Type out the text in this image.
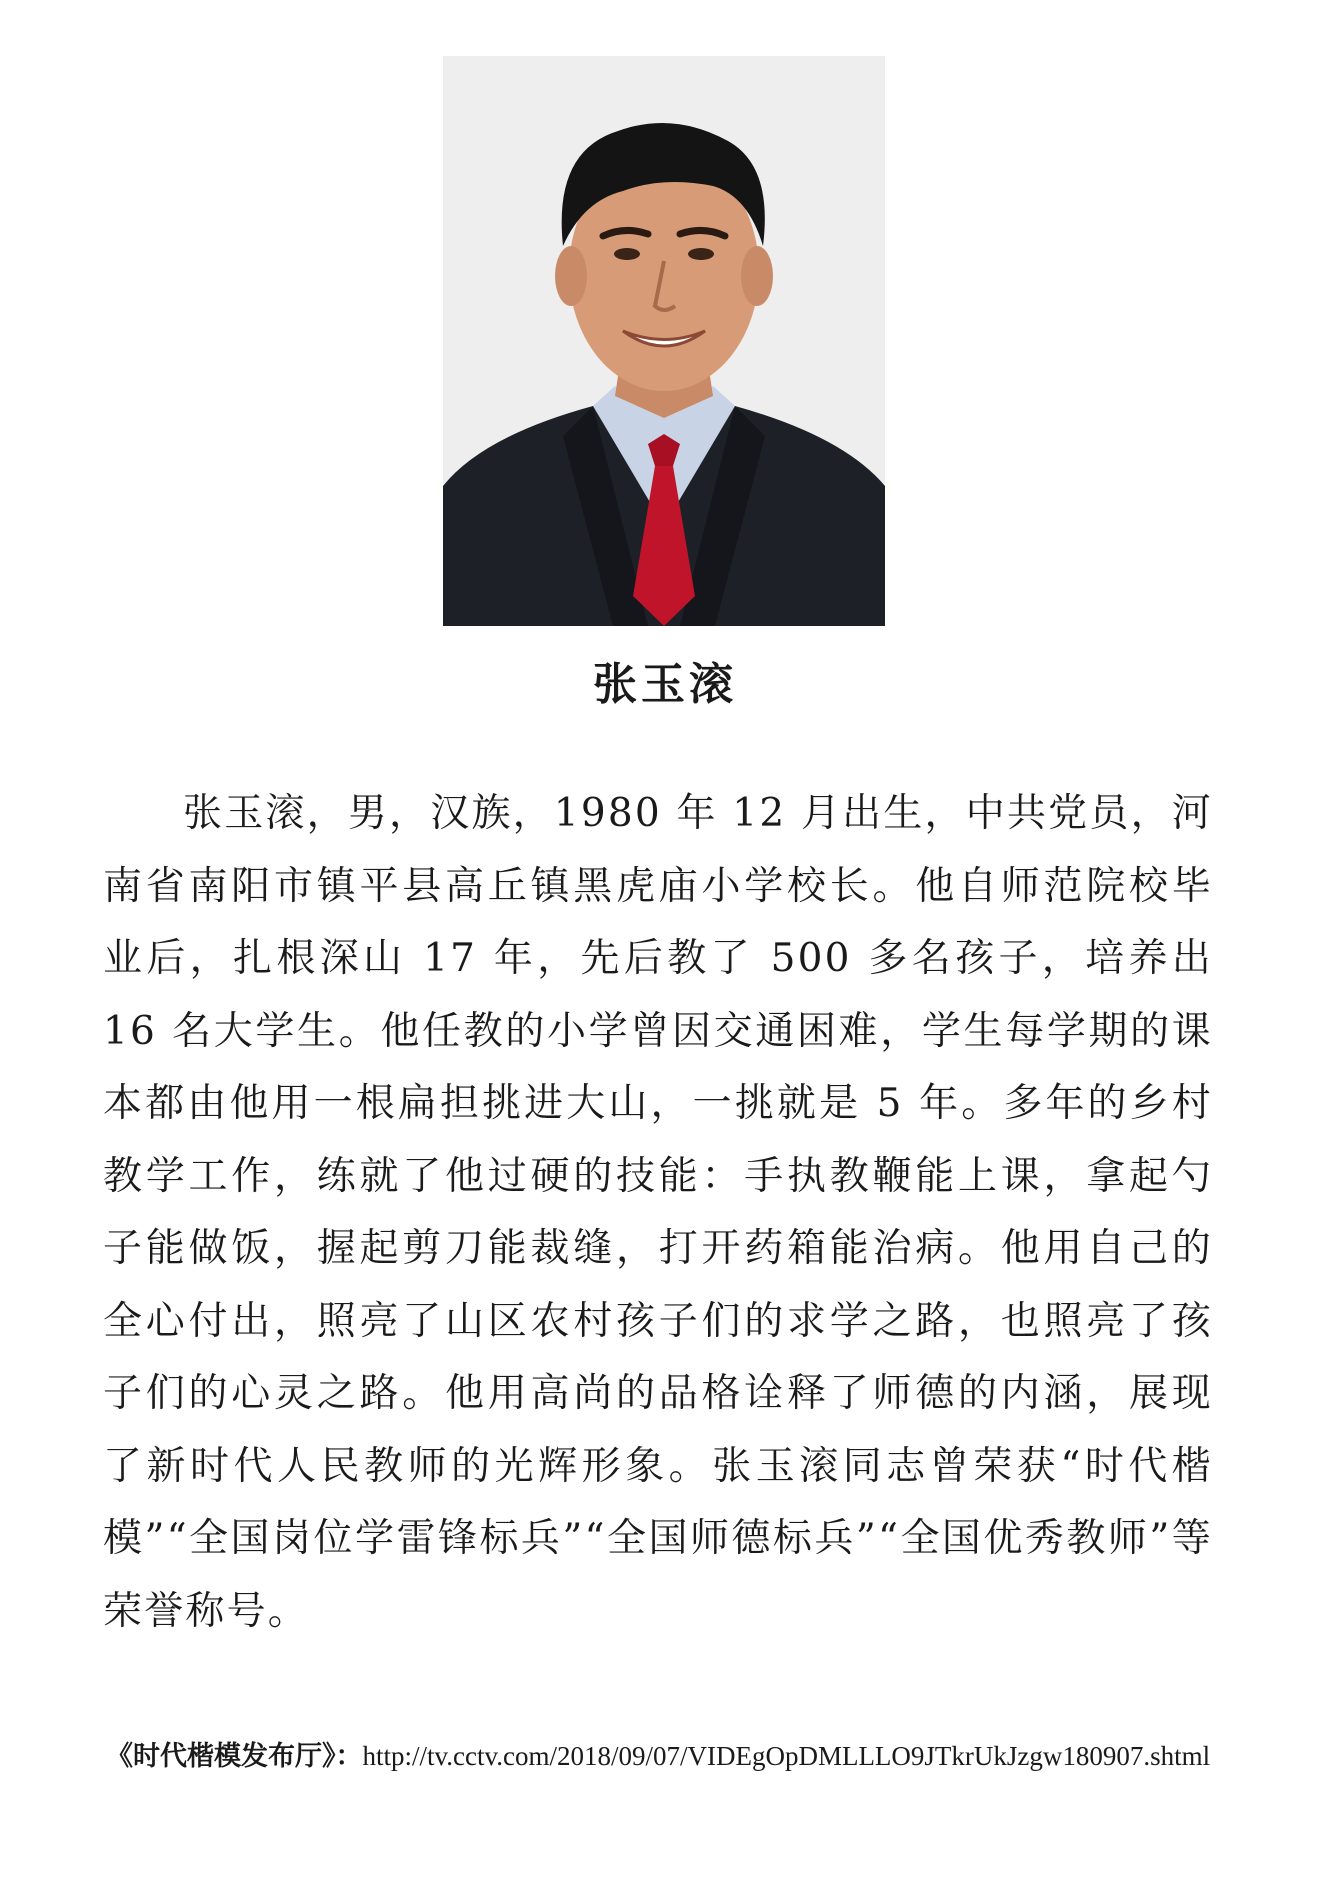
张玉滚

张玉滚，男，汉族，1980 年 12 月出生，中共党员，河南省南阳市镇平县高丘镇黑虎庙小学校长。他自师范院校毕业后，扎根深山 17 年，先后教了 500 多名孩子，培养出 16 名大学生。他任教的小学曾因交通困难，学生每学期的课本都由他用一根扁担挑进大山，一挑就是 5 年。多年的乡村教学工作，练就了他过硬的技能：手执教鞭能上课，拿起勺子能做饭，握起剪刀能裁缝，打开药箱能治病。他用自己的全心付出，照亮了山区农村孩子们的求学之路，也照亮了孩子们的心灵之路。他用高尚的品格诠释了师德的内涵，展现了新时代人民教师的光辉形象。张玉滚同志曾荣获“时代楷模”“全国岗位学雷锋标兵”“全国师德标兵”“全国优秀教师”等荣誉称号。

《时代楷模发布厅》：http://tv.cctv.com/2018/09/07/VIDEgOpDMLLLO9JTkrUkJzgw180907.shtml
